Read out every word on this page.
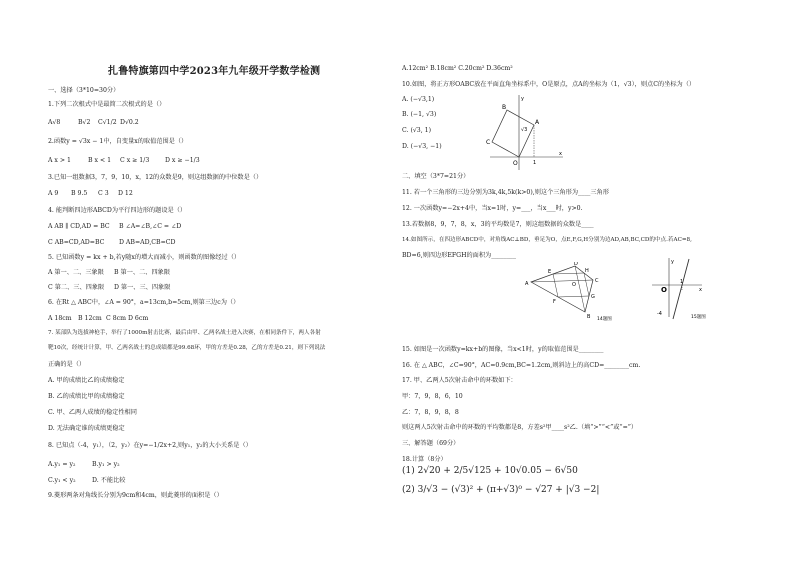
扎鲁特旗第四中学2023年九年级开学数学检测
一、选择（3*10=30分）
1.下列二次根式中是最简二次根式的是（）
A√8	B√2 C√1/2 D√0.2
2.函数y = √3x − 1中，自变量x的取值范围是（）
A x > 1	B x < 1 C x ≥ 1/3	D x ≥ −1/3
3.已知一组数据3，7，9，10，x，12的众数是9，则这组数据的中位数是（）
A 9 B 9.5 C 3 D 12
4. 能判断四边形ABCD为平行四边形的题设是（）
A AB ∥ CD,AD = BC B ∠A=∠B,∠C = ∠D
C AB=CD,AD=BC D AB=AD,CB=CD
5. 已知函数y = kx + b,若y随x的增大而减小，则函数的图像经过（）
A 第一、二、三象限 B 第一、二、四象限
C 第二、三、四象限 D 第一、三、四象限
6. 在Rt △ ABC中，∠A = 90°，a=13cm,b=5cm,则第三边c为（）
A 18cm B 12cm C 8cm D 6cm
7. 某部队为选拔神枪手，举行了1000m射击比赛，最后由甲、乙两名战士进入决赛，在相同条件下，两人各射
靶10次，经统计计算，甲、乙两名战士的总成绩都是99.68环，甲的方差是0.28，乙的方差是0.21，则下列说法
正确的是（）
A. 甲的成绩比乙的成绩稳定
B. 乙的成绩比甲的成绩稳定
C. 甲、乙两人成绩的稳定性相同
D. 无法确定谁的成绩更稳定
8. 已知点（-4，y₁），（2，y₂）在y=−1/2x+2,则y₁，y₂的大小关系是（）
A.y₁ = y₂	B.y₁ > y₂
C.y₁ < y₂	D. 不能比较
9.菱形两条对角线长分别为9cm和4cm，则此菱形的面积是（）
A.12cm² B.18cm² C.20cm² D.36cm²
10.如图，将正方形OABC放在平面直角坐标系中，O是原点，点A的坐标为（1，√3），则点C的坐标为（）
A. (−√3,1)
B. (−1, √3)
C. (√3, 1)
D. (−√3, −1)
y
x
B
A
C
O	1
√3
二、填空（3*7=21分）
11. 若一个三角形的三边分别为3k,4k,5k(k>0),则这个三角形为____三角形
12. 一次函数y=−2x+4中，当x=1时，y=___，当x___时，y>0.
13.若数据8，9，7，8，x，3的平均数是7，则这组数据的众数是____
14.如图所示，在四边形ABCD中，对角线AC⊥BD，垂足为O，点E,F,G,H分别为边AD,AB,BC,CD的中点.若AC=8,
BD=6,则四边形EFGH的面积为________
A
B
C
D
E
F
G
H
O
14题图
y
x
O
1
-4
15题图
15. 如图是一次函数y=kx+b的图像，当x<1时，y的取值范围是________
16. 在 △ ABC，∠C=90°，AC=0.9cm,BC=1.2cm,则斜边上的高CD=________cm.
17. 甲、乙两人5次射击命中的环数如下：
甲：7，9，8，6，10
乙：7，8，9，8，8
则这两人5次射击命中的环数的平均数都是8，方差s²甲____s²乙.（填“>”“<”或“=”）
三、解答题（69分）
18.计算（8分）
(1) 2√20 + 2/5√125 + 10√0.05 − 6√50
(2) 3/√3 − (√3)² + (π+√3)⁰ − √27 + |√3 −2|
